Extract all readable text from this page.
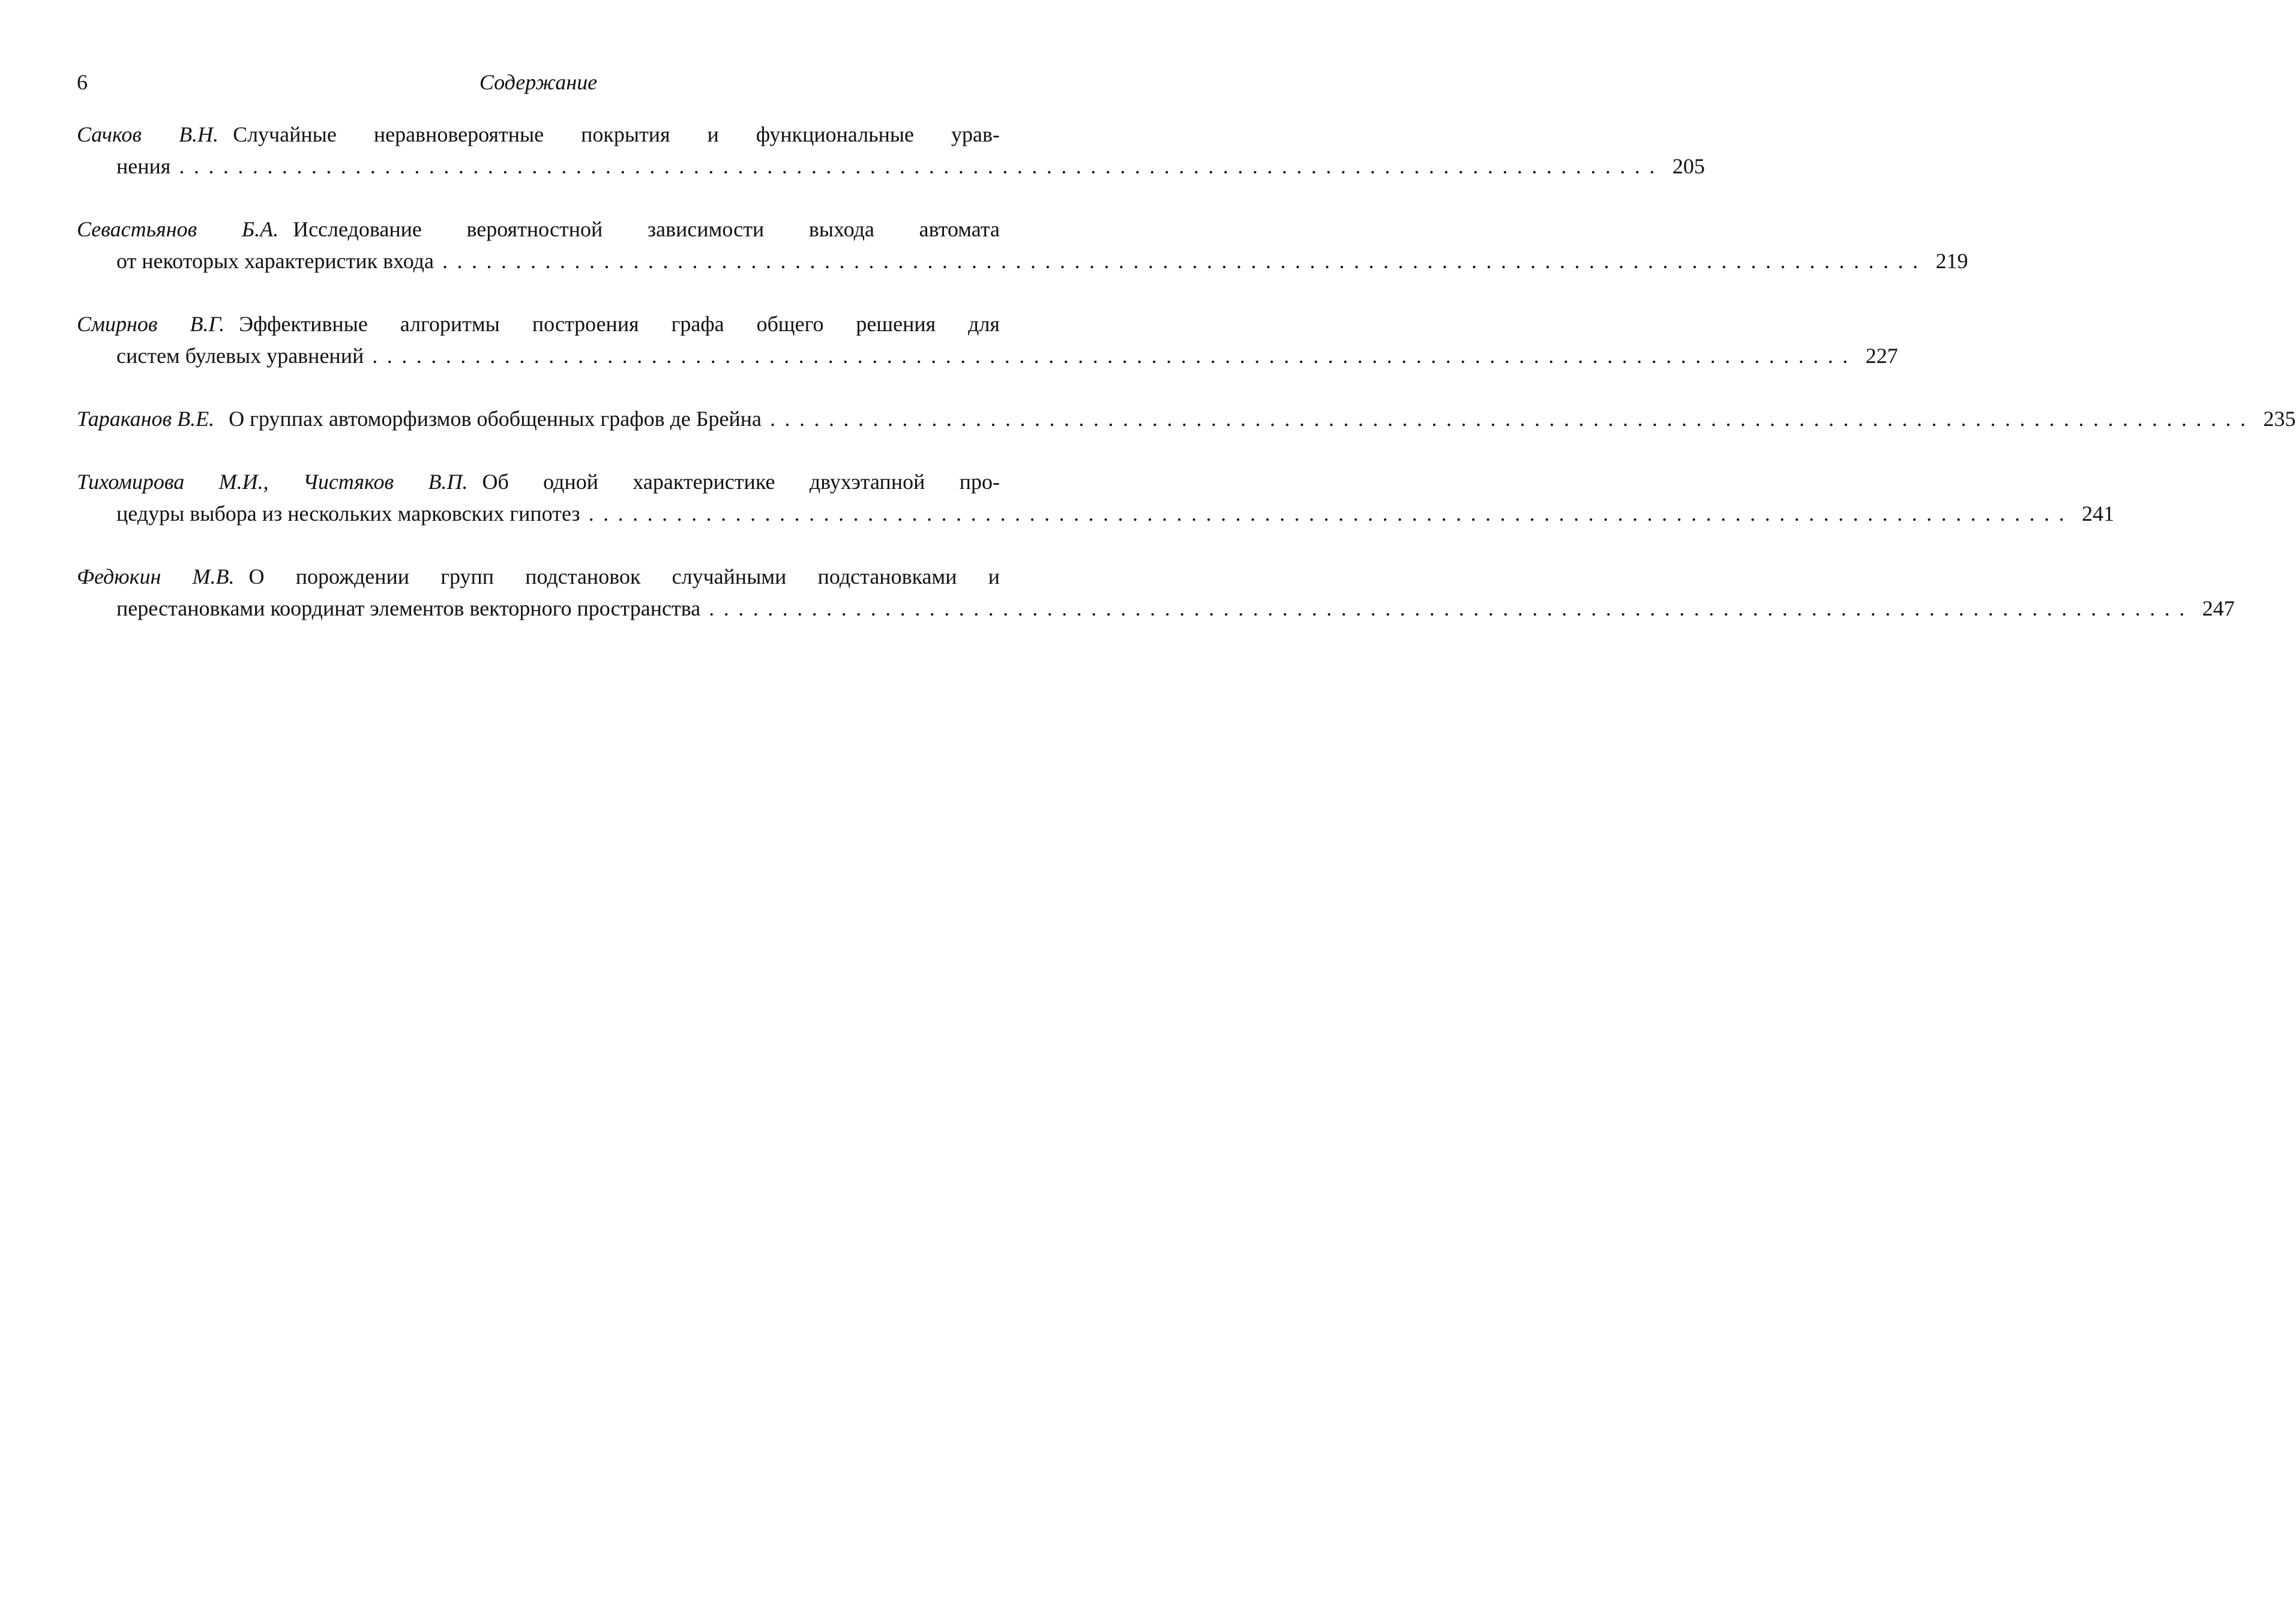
6	Содержание
Сачков В.Н. Случайные неравновероятные покрытия и функциональные урав-
нения ..................................................................................................... 205
Севастьянов Б.А. Исследование вероятностной зависимости выхода автомата
от некоторых характеристик входа ..................................................................................................... 219
Смирнов В.Г. Эффективные алгоритмы построения графа общего решения для
систем булевых уравнений ..................................................................................................... 227
Тараканов В.Е. О группах автоморфизмов обобщенных графов де Брейна ..................................................................................................... 235
Тихомирова М.И., Чистяков В.П. Об одной характеристике двухэтапной про-
цедуры выбора из нескольких марковских гипотез ..................................................................................................... 241
Федюкин М.В. О порождении групп подстановок случайными подстановками и
перестановками координат элементов векторного пространства ..................................................................................................... 247
